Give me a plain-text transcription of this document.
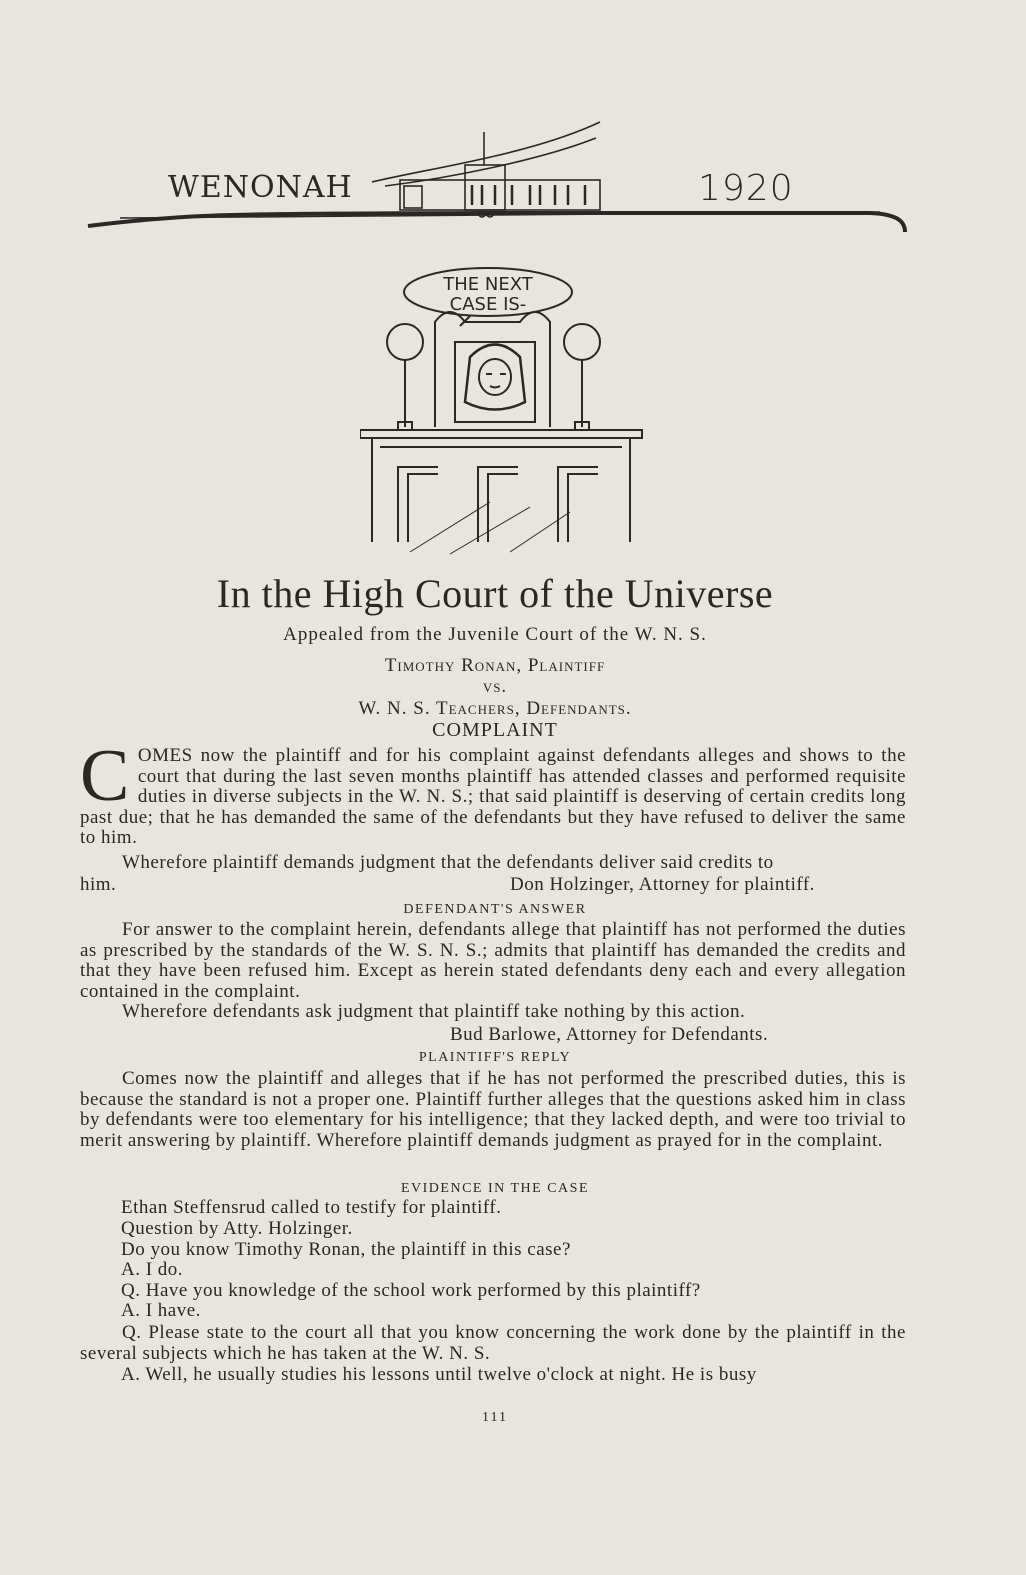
WENONAH	1920
THE NEXT
CASE IS-
In the High Court of the Universe
Appealed from the Juvenile Court of the W. N. S.
Timothy Ronan, Plaintiff
vs.
W. N. S. Teachers, Defendants.
COMPLAINT
C OMES now the plaintiff and for his complaint against defendants alleges and shows to the court that during the last seven months plaintiff has attended classes and performed requisite duties in diverse subjects in the W. N. S.; that said plaintiff is deserving of certain credits long past due; that he has demanded the same of the defendants but they have refused to deliver the same to him.

Wherefore plaintiff demands judgment that the defendants deliver said credits to

him.	Don Holzinger, Attorney for plaintiff.
DEFENDANT'S ANSWER

For answer to the complaint herein, defendants allege that plaintiff has not performed the duties as prescribed by the standards of the W. S. N. S.; admits that plaintiff has demanded the credits and that they have been refused him. Except as herein stated defendants deny each and every allegation contained in the complaint.

Wherefore defendants ask judgment that plaintiff take nothing by this action.

Bud Barlowe, Attorney for Defendants.
PLAINTIFF'S REPLY

Comes now the plaintiff and alleges that if he has not performed the prescribed duties, this is because the standard is not a proper one. Plaintiff further alleges that the questions asked him in class by defendants were too elementary for his intelligence; that they lacked depth, and were too trivial to merit answering by plaintiff. Wherefore plaintiff demands judgment as prayed for in the complaint.

EVIDENCE IN THE CASE
Ethan Steffensrud called to testify for plaintiff.
Question by Atty. Holzinger.
Do you know Timothy Ronan, the plaintiff in this case?
A. I do.
Q. Have you knowledge of the school work performed by this plaintiff?
A. I have.

Q. Please state to the court all that you know concerning the work done by the plaintiff in the several subjects which he has taken at the W. N. S.

A. Well, he usually studies his lessons until twelve o'clock at night. He is busy
111
